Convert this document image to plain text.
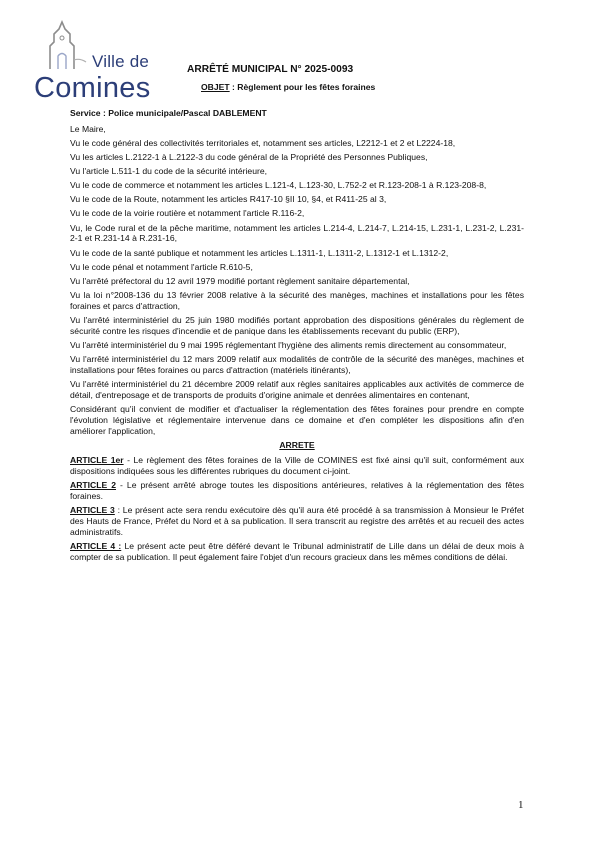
Ville de
Comines
ARRÊTÉ MUNICIPAL N° 2025-0093
OBJET : Règlement pour les fêtes foraines

Service : Police municipale/Pascal DABLEMENT

Le Maire,

Vu le code général des collectivités territoriales et, notamment ses articles, L2212-1 et 2 et L2224-18,

Vu les articles L.2122-1 à L.2122-3 du code général de la Propriété des Personnes Publiques,

Vu l'article L.511-1 du code de la sécurité intérieure,

Vu le code de commerce et notamment les articles L.121-4, L.123-30, L.752-2 et R.123-208-1 à R.123-208-8,

Vu le code de la Route, notamment les articles R417-10 §II 10, §4, et R411-25 al 3,

Vu le code de la voirie routière et notamment l'article R.116-2,

Vu, le Code rural et de la pêche maritime, notamment les articles L.214-4, L.214-7, L.214-15, L.231-1, L.231-2, L.231-2-1 et R.231-14 à R.231-16,

Vu le code de la santé publique et notamment les articles L.1311-1, L.1311-2, L.1312-1 et L.1312-2,

Vu le code pénal et notamment l'article R.610-5,

Vu l'arrêté préfectoral du 12 avril 1979 modifié portant règlement sanitaire départemental,

Vu la loi n°2008-136 du 13 février 2008 relative à la sécurité des manèges, machines et installations pour les fêtes foraines et parcs d'attraction,

Vu l'arrêté interministériel du 25 juin 1980 modifiés portant approbation des dispositions générales du règlement de sécurité contre les risques d'incendie et de panique dans les établissements recevant du public (ERP),

Vu l'arrêté interministériel du 9 mai 1995 réglementant l'hygiène des aliments remis directement au consommateur,

Vu l'arrêté interministériel du 12 mars 2009 relatif aux modalités de contrôle de la sécurité des manèges, machines et installations pour fêtes foraines ou parcs d'attraction (matériels itinérants),

Vu l'arrêté interministériel du 21 décembre 2009 relatif aux règles sanitaires applicables aux activités de commerce de détail, d'entreposage et de transports de produits d'origine animale et denrées alimentaires en contenant,

Considérant qu'il convient de modifier et d'actualiser la réglementation des fêtes foraines pour prendre en compte l'évolution législative et réglementaire intervenue dans ce domaine et d'en compléter les dispositions afin d'en améliorer l'application,

ARRETE

ARTICLE 1er - Le règlement des fêtes foraines de la Ville de COMINES est fixé ainsi qu'il suit, conformément aux dispositions indiquées sous les différentes rubriques du document ci-joint.

ARTICLE 2 - Le présent arrêté abroge toutes les dispositions antérieures, relatives à la réglementation des fêtes foraines.

ARTICLE 3 : Le présent acte sera rendu exécutoire dès qu'il aura été procédé à sa transmission à Monsieur le Préfet des Hauts de France, Préfet du Nord et à sa publication. Il sera transcrit au registre des arrêtés et au recueil des actes administratifs.

ARTICLE 4 : Le présent acte peut être déféré devant le Tribunal administratif de Lille dans un délai de deux mois à compter de sa publication. Il peut également faire l'objet d'un recours gracieux dans les mêmes conditions de délai.

1
